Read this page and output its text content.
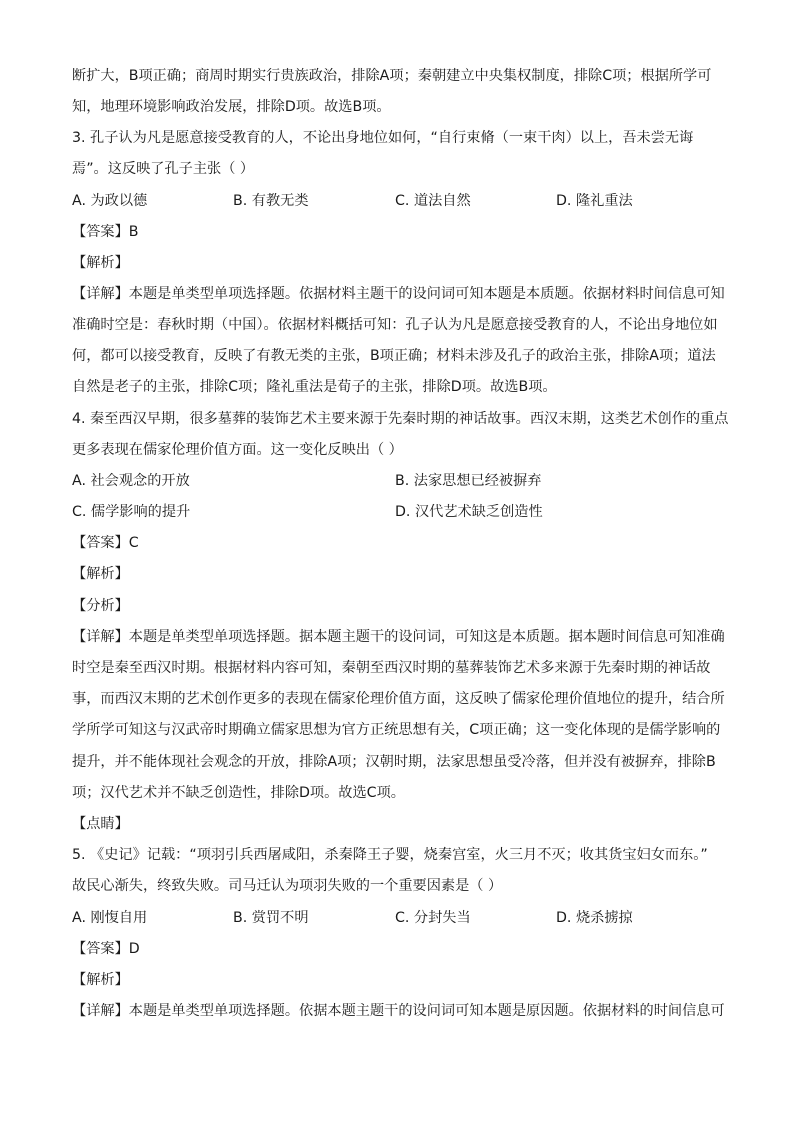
断扩大，B项正确；商周时期实行贵族政治，排除A项；秦朝建立中央集权制度，排除C项；根据所学可
知，地理环境影响政治发展，排除D项。故选B项。
3. 孔子认为凡是愿意接受教育的人，不论出身地位如何，“自行束脩（一束干肉）以上，吾未尝无诲
焉”。这反映了孔子主张（ ）
A. 为政以德	B. 有教无类	C. 道法自然	D. 隆礼重法
【答案】B
【解析】
【详解】本题是单类型单项选择题。依据材料主题干的设问词可知本题是本质题。依据材料时间信息可知
准确时空是：春秋时期（中国）。依据材料概括可知：孔子认为凡是愿意接受教育的人，不论出身地位如
何，都可以接受教育，反映了有教无类的主张，B项正确；材料未涉及孔子的政治主张，排除A项；道法
自然是老子的主张，排除C项；隆礼重法是荀子的主张，排除D项。故选B项。
4. 秦至西汉早期，很多墓葬的装饰艺术主要来源于先秦时期的神话故事。西汉末期，这类艺术创作的重点
更多表现在儒家伦理价值方面。这一变化反映出（ ）
A. 社会观念的开放	B. 法家思想已经被摒弃
C. 儒学影响的提升	D. 汉代艺术缺乏创造性
【答案】C
【解析】
【分析】
【详解】本题是单类型单项选择题。据本题主题干的设问词，可知这是本质题。据本题时间信息可知准确
时空是秦至西汉时期。根据材料内容可知，秦朝至西汉时期的墓葬装饰艺术多来源于先秦时期的神话故
事，而西汉末期的艺术创作更多的表现在儒家伦理价值方面，这反映了儒家伦理价值地位的提升，结合所
学所学可知这与汉武帝时期确立儒家思想为官方正统思想有关，C项正确；这一变化体现的是儒学影响的
提升，并不能体现社会观念的开放，排除A项；汉朝时期，法家思想虽受冷落，但并没有被摒弃，排除B
项；汉代艺术并不缺乏创造性，排除D项。故选C项。
【点睛】
5. 《史记》记载：“项羽引兵西屠咸阳，杀秦降王子婴，烧秦宫室，火三月不灭；收其货宝妇女而东。”
故民心渐失，终致失败。司马迁认为项羽失败的一个重要因素是（ ）
A. 刚愎自用	B. 赏罚不明	C. 分封失当	D. 烧杀掳掠
【答案】D
【解析】
【详解】本题是单类型单项选择题。依据本题主题干的设问词可知本题是原因题。依据材料的时间信息可
